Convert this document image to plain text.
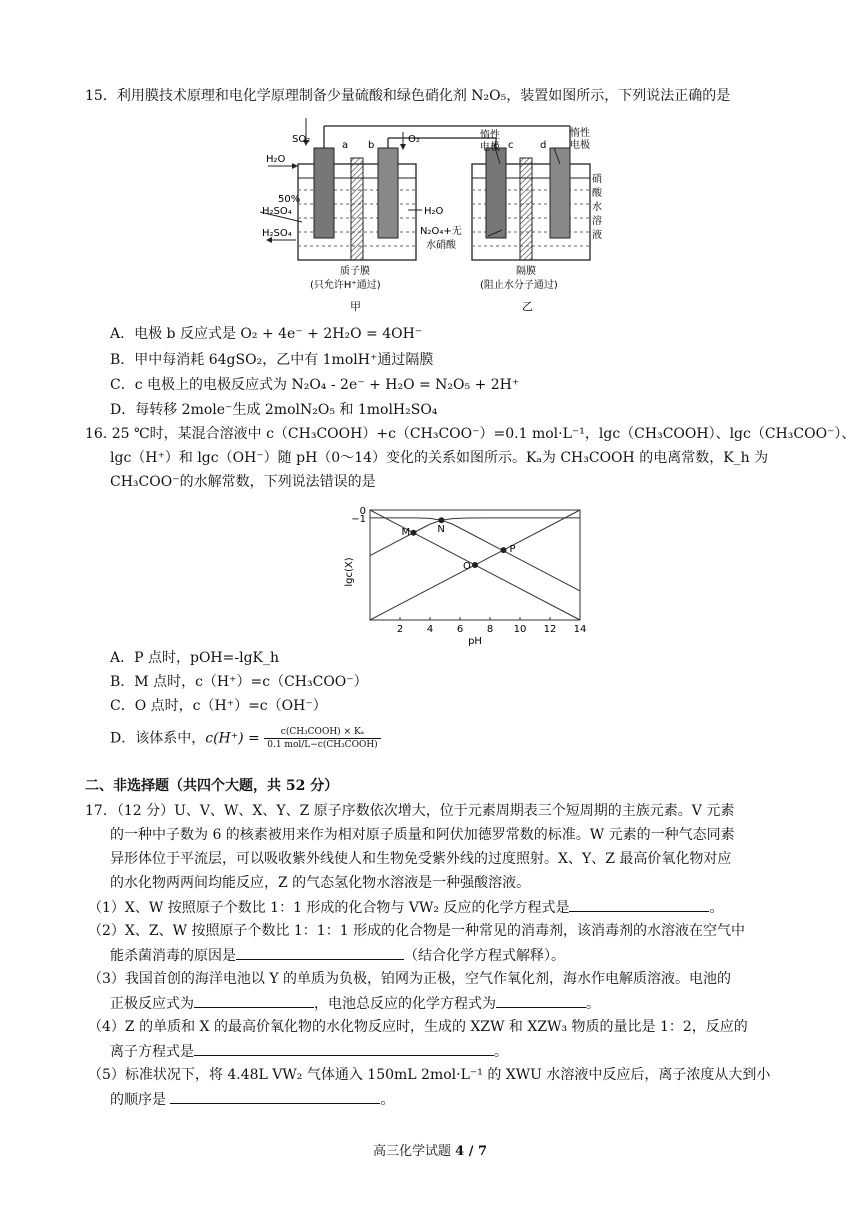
15．利用膜技术原理和电化学原理制备少量硫酸和绿色硝化剂 N₂O₅，装置如图所示，下列说法正确的是
SO₂
a b
O₂
H₂O
50%
H₂SO₄
H₂SO₄
H₂O
质子膜
(只允许H⁺通过)
甲
惰性
电极 c	d
惰性
电极
N₂O₄+无
水硝酸
硝
酸
水
溶
液
隔膜
(阻止水分子通过)
乙
A．电极 b 反应式是 O₂ + 4e⁻ + 2H₂O = 4OH⁻
B．甲中每消耗 64gSO₂，乙中有 1molH⁺通过隔膜
C．c 电极上的电极反应式为 N₂O₄ - 2e⁻ + H₂O = N₂O₅ + 2H⁺
D．每转移 2mole⁻生成 2molN₂O₅ 和 1molH₂SO₄
16. 25 ℃时，某混合溶液中 c（CH₃COOH）+c（CH₃COO⁻）=0.1 mol·L⁻¹，lgc（CH₃COOH）、lgc（CH₃COO⁻）、
lgc（H⁺）和 lgc（OH⁻）随 pH（0～14）变化的关系如图所示。Kₐ为 CH₃COOH 的电离常数，K_h 为
CH₃COO⁻的水解常数，下列说法错误的是
lgc(X)
2 4 6 8 10 12 14
0
−1
pH
M	N
P
O
A．P 点时，pOH=-lgK_h
B．M 点时，c（H⁺）=c（CH₃COO⁻）
C．O 点时，c（H⁺）=c（OH⁻）
D．该体系中，$c(H^+) = \frac{\text{c(CH₃COOH) × Kₐ}}{\text{0.1 mol/L−c(CH₃COOH)}}$
二、非选择题（共四个大题，共 52 分）
17．（12 分）U、V、W、X、Y、Z 原子序数依次增大，位于元素周期表三个短周期的主族元素。V 元素
的一种中子数为 6 的核素被用来作为相对原子质量和阿伏加德罗常数的标准。W 元素的一种气态同素
异形体位于平流层，可以吸收紫外线使人和生物免受紫外线的过度照射。X、Y、Z 最高价氧化物对应
的水化物两两间均能反应，Z 的气态氢化物水溶液是一种强酸溶液。
（1）X、W 按照原子个数比 1：1 形成的化合物与 VW₂ 反应的化学方程式是	。
（2）X、Z、W 按照原子个数比 1：1：1 形成的化合物是一种常见的消毒剂，该消毒剂的水溶液在空气中
能杀菌消毒的原因是	（结合化学方程式解释）。
（3）我国首创的海洋电池以 Y 的单质为负极，铂网为正极，空气作氧化剂，海水作电解质溶液。电池的
正极反应式为	，电池总反应的化学方程式为	。
（4）Z 的单质和 X 的最高价氧化物的水化物反应时，生成的 XZW 和 XZW₃ 物质的量比是 1：2，反应的
离子方程式是	。
（5）标准状况下，将 4.48L VW₂ 气体通入 150mL 2mol·L⁻¹ 的 XWU 水溶液中反应后，离子浓度从大到小
的顺序是	。
高三化学试题 4 / 7
